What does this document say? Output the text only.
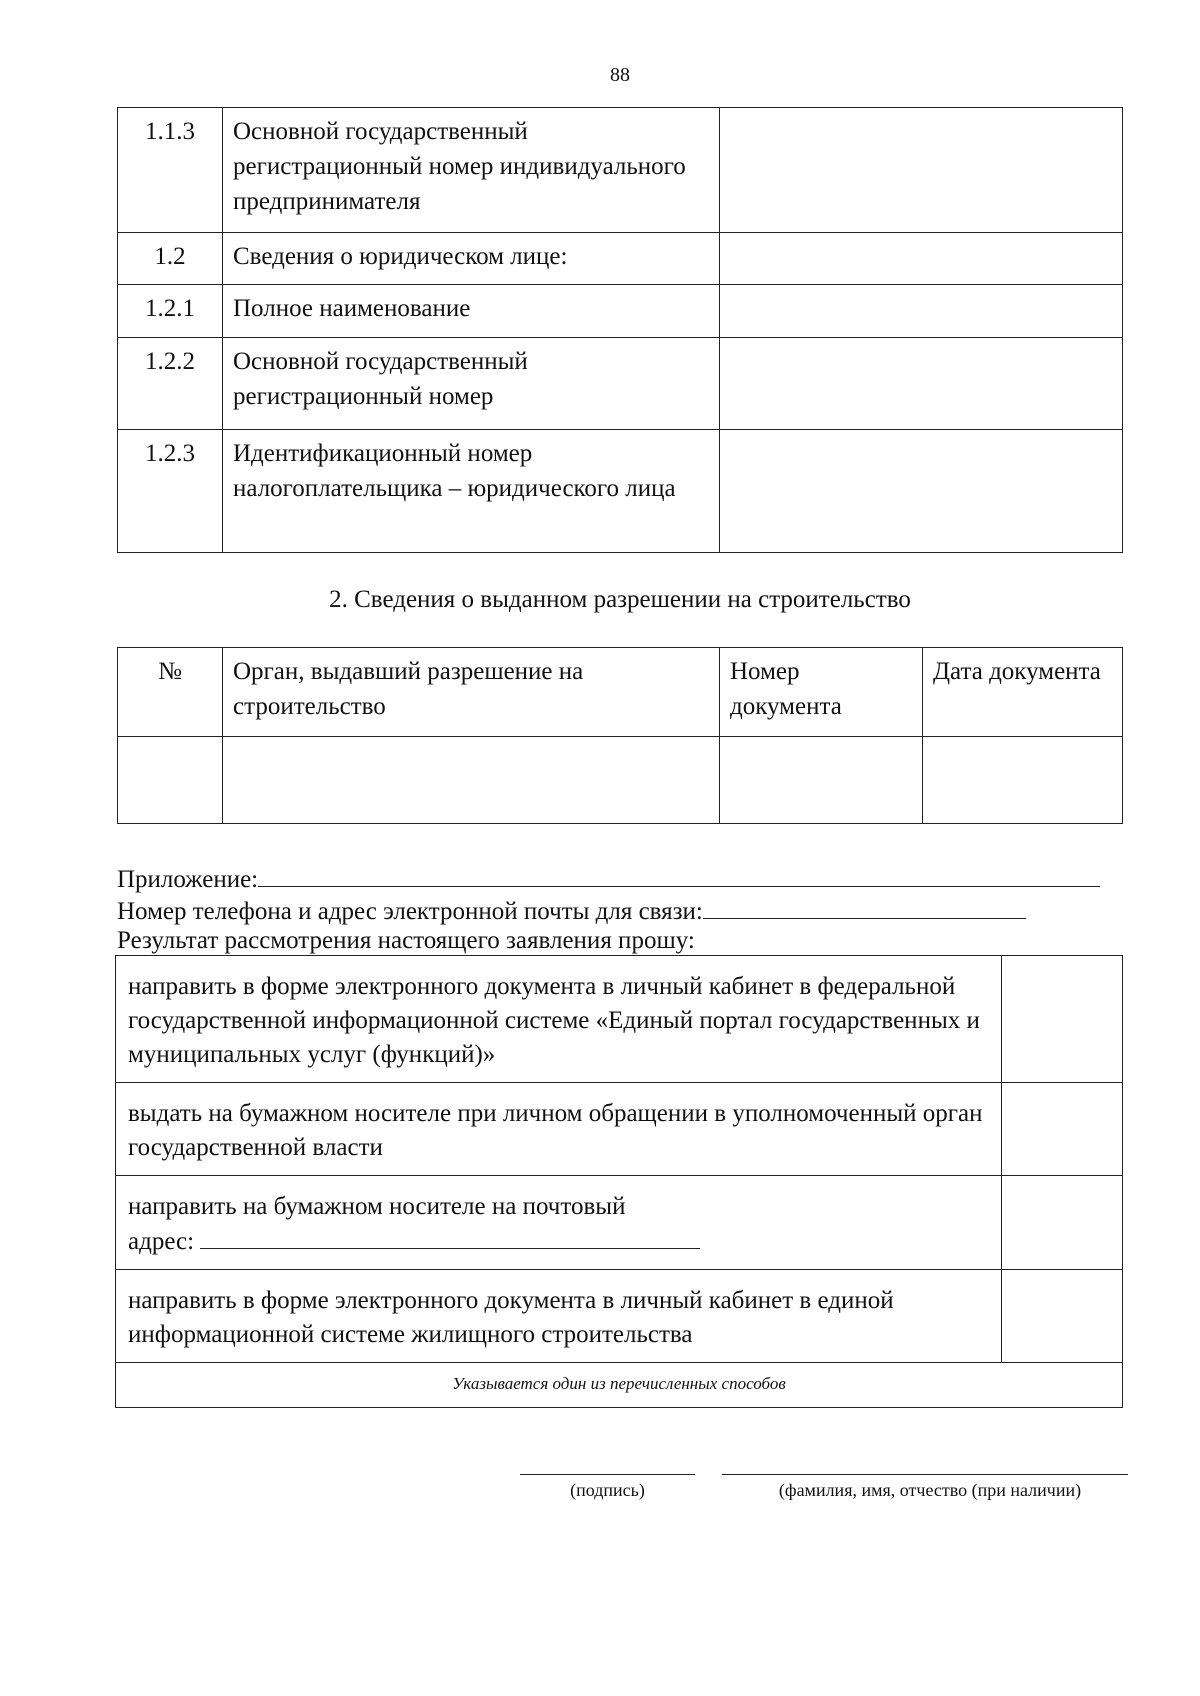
88
1.1.3	Основной государственный регистрационный номер индивидуального предпринимателя	
1.2	Сведения о юридическом лице:	
1.2.1	Полное наименование	
1.2.2	Основной государственный регистрационный номер	
1.2.3	Идентификационный номер налогоплательщика – юридического лица	
2. Сведения о выданном разрешении на строительство
№	Орган, выдавший разрешение на строительство	Номер документа	Дата документа

Приложение:
Номер телефона и адрес электронной почты для связи:
Результат рассмотрения настоящего заявления прошу:
направить в форме электронного документа в личный кабинет в федеральной государственной информационной системе «Единый портал государственных и муниципальных услуг (функций)»	
выдать на бумажном носителе при личном обращении в уполномоченный орган государственной власти	
направить на бумажном носителе на почтовый
адрес:	
направить в форме электронного документа в личный кабинет в единой информационной системе жилищного строительства	
Указывается один из перечисленных способов	
(подпись)	(фамилия, имя, отчество (при наличии)
